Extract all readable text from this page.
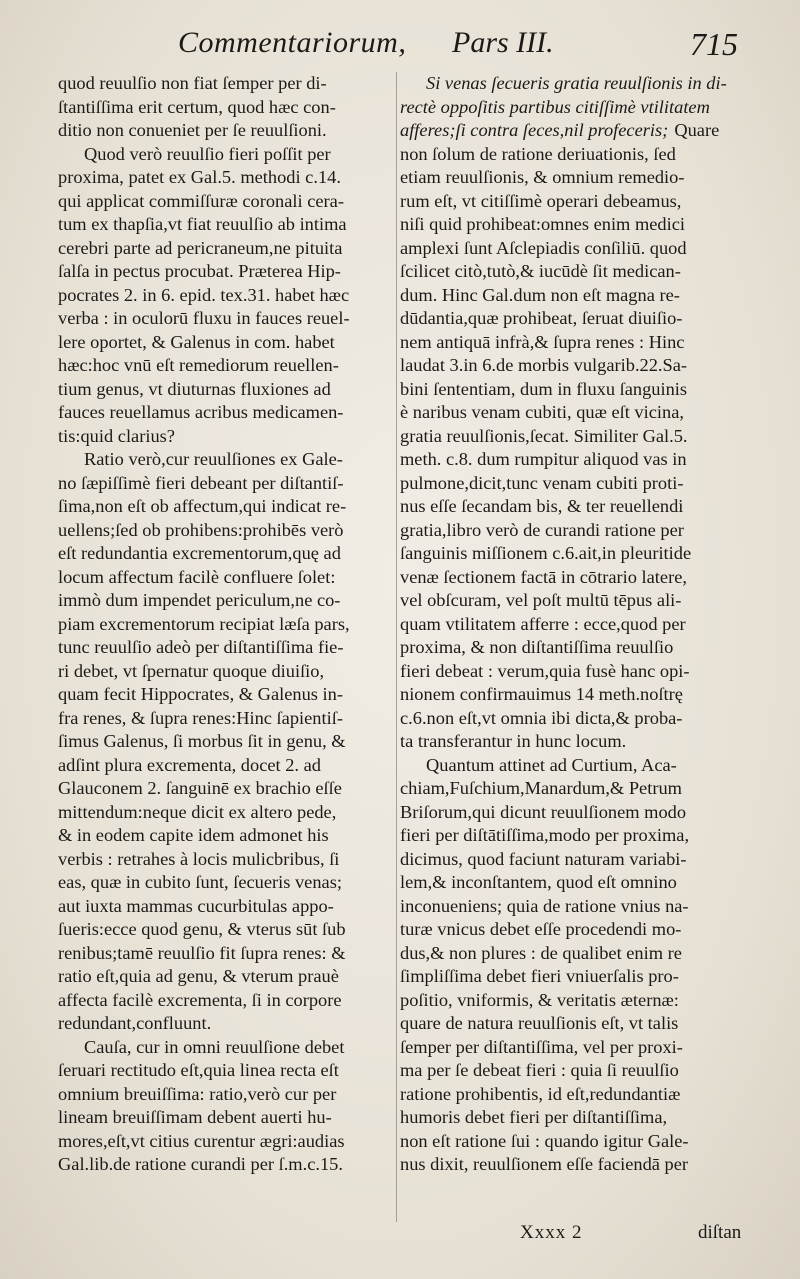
Commentariorum, Pars III.	715
quod reuulſio non fiat ſemper per di-
ſtantiſſima erit certum, quod hæc con-
ditio non conueniet per ſe reuulſioni.
Quod verò reuulſio fieri poſſit per
proxima, patet ex Gal.5. methodi c.14.
qui applicat commiſſuræ coronali cera-
tum ex thapſia,vt fiat reuulſio ab intima
cerebri parte ad pericraneum,ne pituita
ſalſa in pectus procubat. Præterea Hip-
pocrates 2. in 6. epid. tex.31. habet hæc
verba : in oculorū fluxu in fauces reuel-
lere oportet, & Galenus in com. habet
hæc:hoc vnū eſt remediorum reuellen-
tium genus, vt diuturnas fluxiones ad
fauces reuellamus acribus medicamen-
tis:quid clarius?
Ratio verò,cur reuulſiones ex Gale-
no ſæpiſſimè fieri debeant per diſtantiſ-
ſima,non eſt ob affectum,qui indicat re-
uellens;ſed ob prohibens:prohibēs verò
eſt redundantia excrementorum,quę ad
locum affectum facilè confluere ſolet:
immò dum impendet periculum,ne co-
piam excrementorum recipiat læſa pars,
tunc reuulſio adeò per diſtantiſſima fie-
ri debet, vt ſpernatur quoque diuiſio,
quam fecit Hippocrates, & Galenus in-
fra renes, & ſupra renes:Hinc ſapientiſ-
ſimus Galenus, ſi morbus ſit in genu, &
adſint plura excrementa, docet 2. ad
Glauconem 2. ſanguinē ex brachio eſſe
mittendum:neque dicit ex altero pede,
& in eodem capite idem admonet his
verbis : retrahes à locis mulicbribus, ſi
eas, quæ in cubito ſunt, ſecueris venas;
aut iuxta mammas cucurbitulas appo-
ſueris:ecce quod genu, & vterus sūt ſub
renibus;tamē reuulſio fit ſupra renes: &
ratio eſt,quia ad genu, & vterum prauè
affecta facilè excrementa, ſi in corpore
redundant,confluunt.
Cauſa, cur in omni reuulſione debet
ſeruari rectitudo eſt,quia linea recta eſt
omnium breuiſſima: ratio,verò cur per
lineam breuiſſimam debent auerti hu-
mores,eſt,vt citius curentur ægri:audias
Gal.lib.de ratione curandi per ſ.m.c.15.
Si venas ſecueris gratia reuulſionis in di-
rectè oppoſitis partibus citiſſimè vtilitatem
afferes;ſi contra ſeces,nil profeceris; Quare
non ſolum de ratione deriuationis, ſed
etiam reuulſionis, & omnium remedio-
rum eſt, vt citiſſimè operari debeamus,
niſi quid prohibeat:omnes enim medici
amplexi ſunt Aſclepiadis conſiliū. quod
ſcilicet citò,tutò,& iucūdè ſit medican-
dum. Hinc Gal.dum non eſt magna re-
dūdantia,quæ prohibeat, ſeruat diuiſio-
nem antiquā infrà,& ſupra renes : Hinc
laudat 3.in 6.de morbis vulgarib.22.Sa-
bini ſententiam, dum in fluxu ſanguinis
è naribus venam cubiti, quæ eſt vicina,
gratia reuulſionis,ſecat. Similiter Gal.5.
meth. c.8. dum rumpitur aliquod vas in
pulmone,dicit,tunc venam cubiti proti-
nus eſſe ſecandam bis, & ter reuellendi
gratia,libro verò de curandi ratione per
ſanguinis miſſionem c.6.ait,in pleuritide
venæ ſectionem factā in cōtrario latere,
vel obſcuram, vel poſt multū tēpus ali-
quam vtilitatem afferre : ecce,quod per
proxima, & non diſtantiſſima reuulſio
fieri debeat : verum,quia fusè hanc opi-
nionem confirmauimus 14 meth.noſtrę
c.6.non eſt,vt omnia ibi dicta,& proba-
ta transferantur in hunc locum.
Quantum attinet ad Curtium, Aca-
chiam,Fuſchium,Manardum,& Petrum
Briſorum,qui dicunt reuulſionem modo
fieri per diſtātiſſima,modo per proxima,
dicimus, quod faciunt naturam variabi-
lem,& inconſtantem, quod eſt omnino
inconueniens; quia de ratione vnius na-
turæ vnicus debet eſſe procedendi mo-
dus,& non plures : de qualibet enim re
ſimpliſſima debet fieri vniuerſalis pro-
poſitio, vniformis, & veritatis æternæ:
quare de natura reuulſionis eſt, vt talis
ſemper per diſtantiſſima, vel per proxi-
ma per ſe debeat fieri : quia ſi reuulſio
ratione prohibentis, id eſt,redundantiæ
humoris debet fieri per diſtantiſſima,
non eſt ratione ſui : quando igitur Gale-
nus dixit, reuulſionem eſſe faciendā per
Xxxx 2	diſtan
